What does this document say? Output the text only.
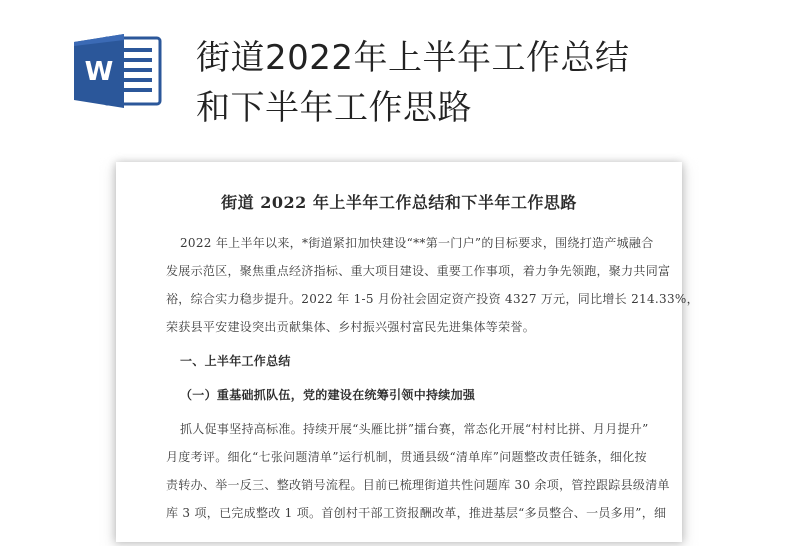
W 街道2022年上半年工作总结
和下半年工作思路
街道 2022 年上半年工作总结和下半年工作思路
2022 年上半年以来，*街道紧扣加快建设“**第一门户”的目标要求，围绕打造产城融合
发展示范区，聚焦重点经济指标、重大项目建设、重要工作事项，着力争先领跑，聚力共同富
裕，综合实力稳步提升。2022 年 1-5 月份社会固定资产投资 4327 万元，同比增长 214.33%，
荣获县平安建设突出贡献集体、乡村振兴强村富民先进集体等荣誉。
一、上半年工作总结
（一）重基础抓队伍，党的建设在统筹引领中持续加强
抓人促事坚持高标准。持续开展“头雁比拼”擂台赛，常态化开展“村村比拼、月月提升”
月度考评。细化“七张问题清单”运行机制，贯通县级“清单库”问题整改责任链条，细化按
责转办、举一反三、整改销号流程。目前已梳理街道共性问题库 30 余项，管控跟踪县级清单
库 3 项，已完成整改 1 项。首创村干部工资报酬改革，推进基层“多员整合、一员多用”，细
